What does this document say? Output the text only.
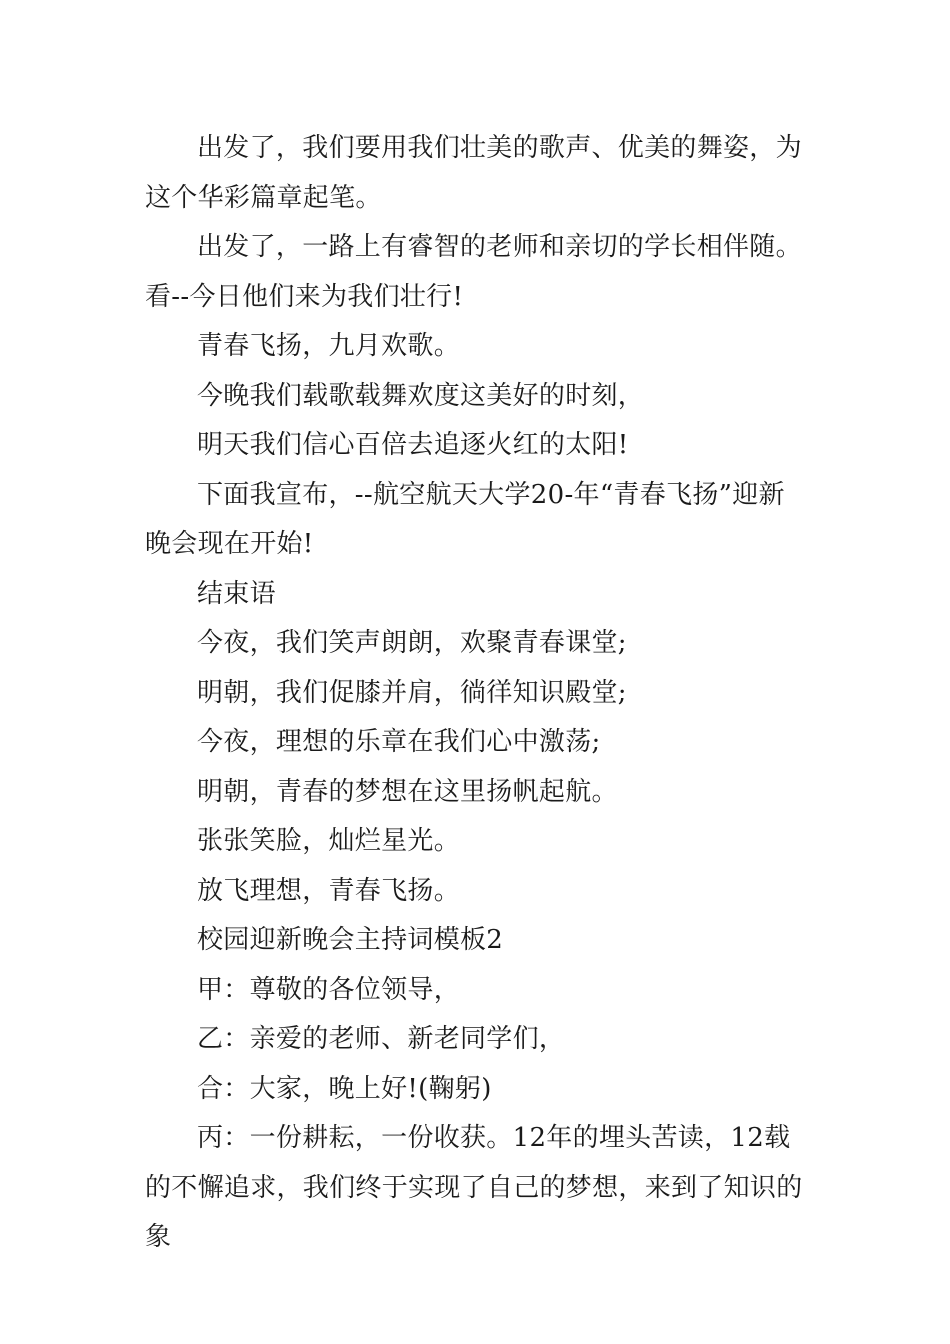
出发了，我们要用我们壮美的歌声、优美的舞姿，为这个华彩篇章起笔。

出发了，一路上有睿智的老师和亲切的学长相伴随。看--今日他们来为我们壮行!

青春飞扬，九月欢歌。

今晚我们载歌载舞欢度这美好的时刻，

明天我们信心百倍去追逐火红的太阳!

下面我宣布，--航空航天大学20-年“青春飞扬”迎新晚会现在开始!

结束语

今夜，我们笑声朗朗，欢聚青春课堂;

明朝，我们促膝并肩，徜徉知识殿堂;

今夜，理想的乐章在我们心中激荡;

明朝，青春的梦想在这里扬帆起航。

张张笑脸，灿烂星光。

放飞理想，青春飞扬。

校园迎新晚会主持词模板2

甲：尊敬的各位领导，

乙：亲爱的老师、新老同学们，

合：大家，晚上好!(鞠躬)

丙：一份耕耘，一份收获。12年的埋头苦读，12载的不懈追求，我们终于实现了自己的梦想，来到了知识的象
